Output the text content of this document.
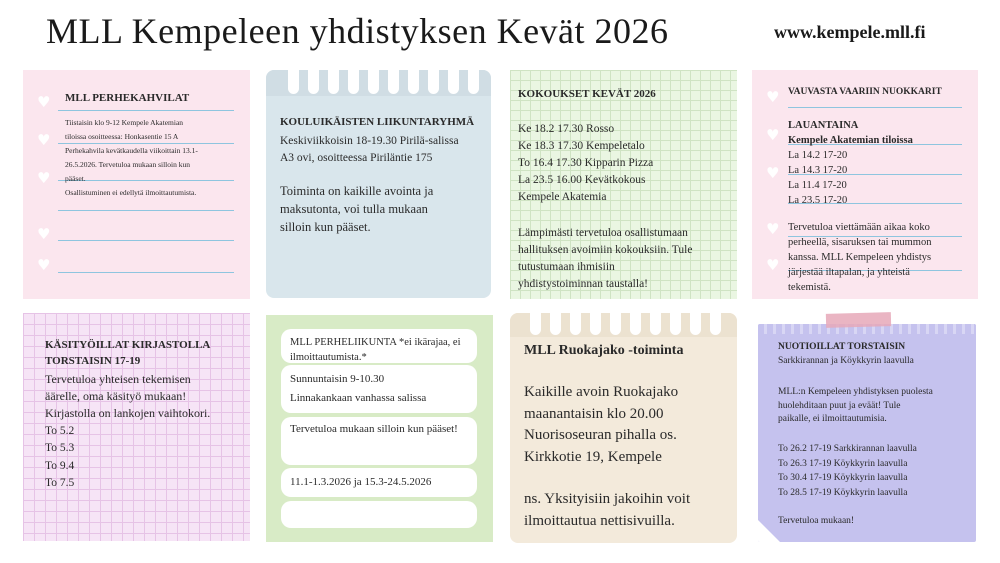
MLL Kempeleen yhdistyksen Kevät 2026	www.kempele.mll.fi
♥
♥
♥
♥
♥
MLL PERHEKAHVILAT
Tiistaisin klo 9-12 Kempele Akatemian
tiloissa osoitteessa: Honkasentie 15 A
Perhekahvila kevätkaudella viikoittain 13.1-
26.5.2026. Tervetuloa mukaan silloin kun
pääset.
Osallistuminen ei edellytä ilmoittautumista.
KOULUIKÄISTEN LIIKUNTARYHMÄ
Keskiviikkoisin 18-19.30 Pirilä-salissa
A3 ovi, osoitteessa Piriläntie 175
Toiminta on kaikille avointa ja
maksutonta, voi tulla mukaan
silloin kun pääset.
KOKOUKSET KEVÄT 2026
Ke 18.2 17.30 Rosso
Ke 18.3 17.30 Kempeletalo
To 16.4 17.30 Kipparin Pizza
La 23.5 16.00 Kevätkokous
Kempele Akatemia
Lämpimästi tervetuloa osallistumaan
hallituksen avoimiin kokouksiin. Tule
tutustumaan ihmisiin
yhdistystoiminnan taustalla!
♥
♥
♥
♥
♥
VAUVASTA VAARIIN NUOKKARIT
LAUANTAINA
Kempele Akatemian tiloissa
La 14.2 17-20
La 14.3 17-20
La 11.4 17-20
La 23.5 17-20
Tervetuloa viettämään aikaa koko
perheellä, sisaruksen tai mummon
kanssa. MLL Kempeleen yhdistys
järjestää iltapalan, ja yhteistä
tekemistä.
KÄSITYÖILLAT KIRJASTOLLA
TORSTAISIN 17-19
Tervetuloa yhteisen tekemisen
äärelle, oma käsityö mukaan!
Kirjastolla on lankojen vaihtokori.
To 5.2
To 5.3
To 9.4
To 7.5
MLL PERHELIIKUNTA *ei ikärajaa, ei ilmoittautumista.*
Sunnuntaisin 9-10.30
Linnakankaan vanhassa salissa
Tervetuloa mukaan silloin kun pääset!
11.1-1.3.2026 ja 15.3-24.5.2026
MLL Ruokajako -toiminta
Kaikille avoin Ruokajako
maanantaisin klo 20.00
Nuorisoseuran pihalla os.
Kirkkotie 19, Kempele
ns. Yksityisiin jakoihin voit
ilmoittautua nettisivuilla.
NUOTIOILLAT TORSTAISIN
Sarkkirannan ja Köykkyrin laavulla
MLL:n Kempeleen yhdistyksen puolesta
huolehditaan puut ja eväät! Tule
paikalle, ei ilmoittautumisia.
To 26.2 17-19 Sarkkirannan laavulla
To 26.3 17-19 Köykkyrin laavulla
To 30.4 17-19 Köykkyrin laavulla
To 28.5 17-19 Köykkyrin laavulla
Tervetuloa mukaan!
